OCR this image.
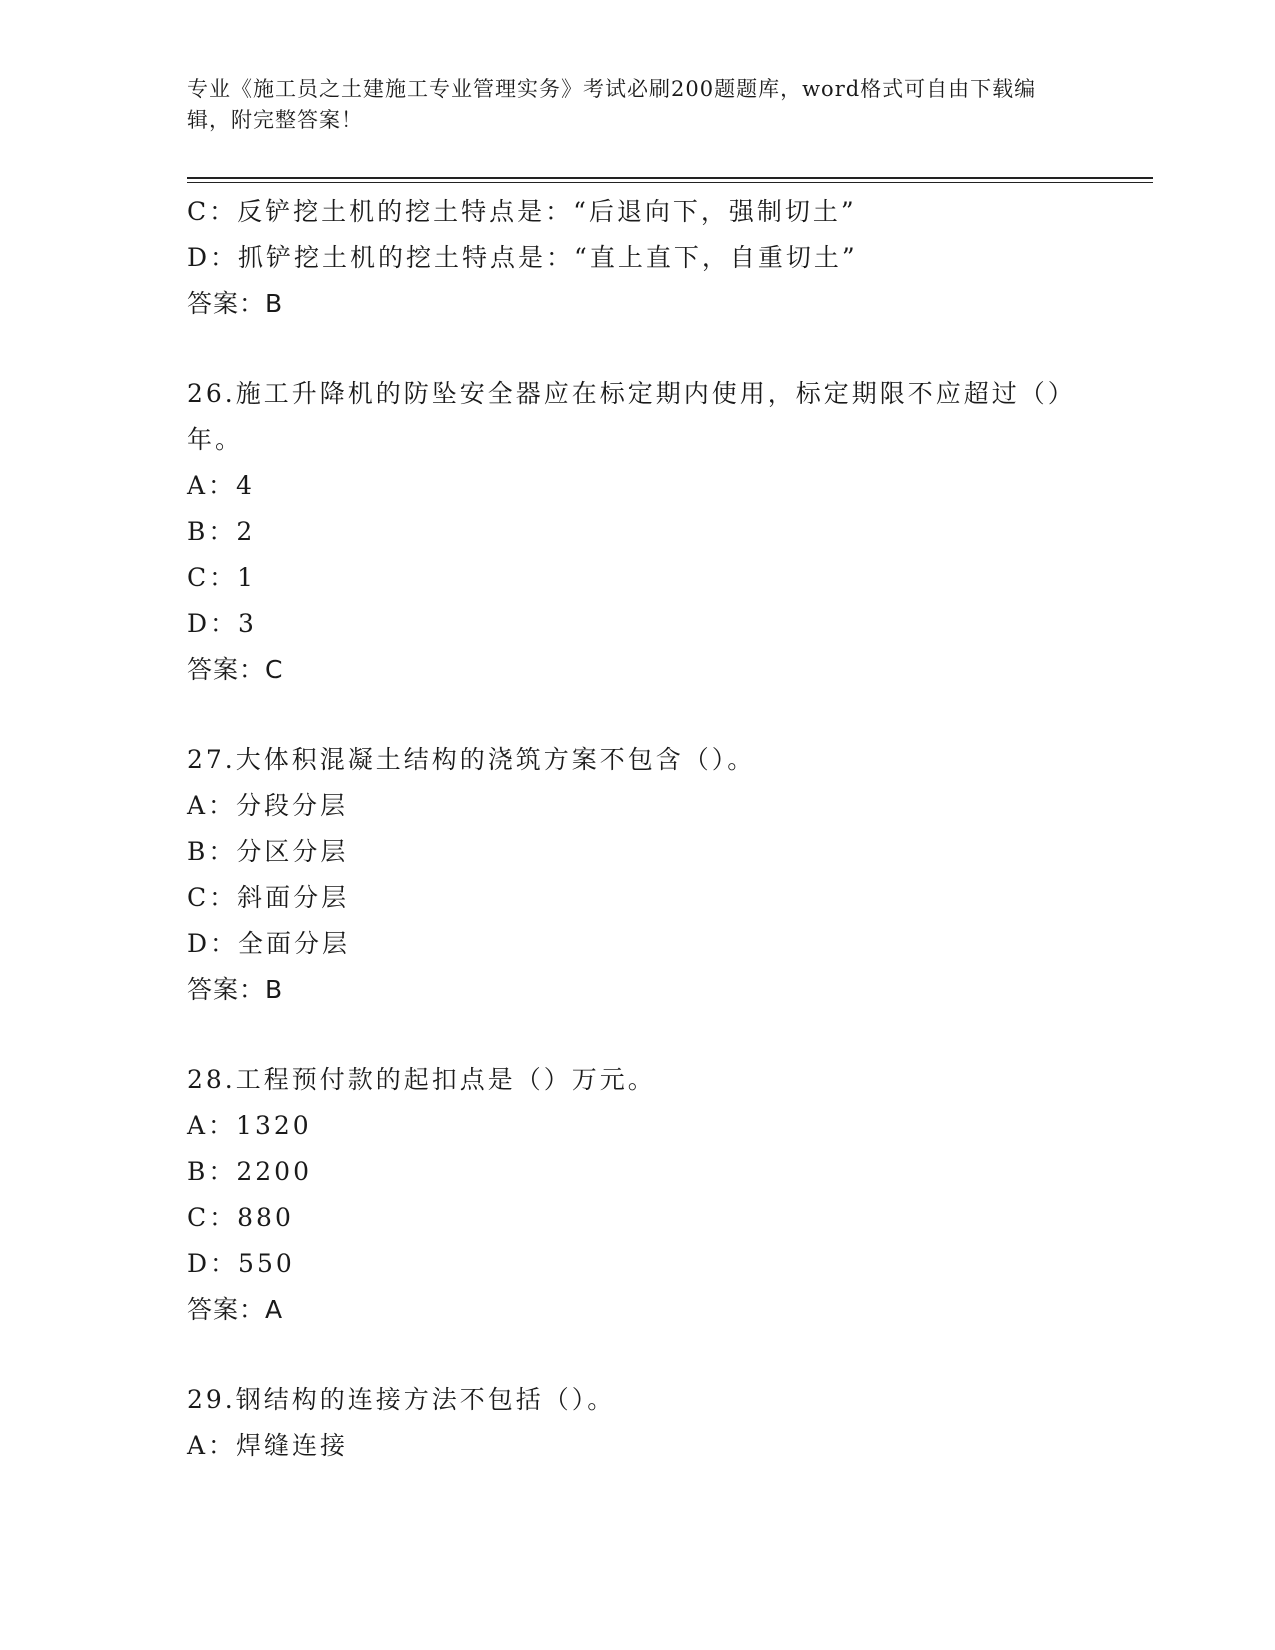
专业《施工员之土建施工专业管理实务》考试必刷200题题库，word格式可自由下载编辑，附完整答案！
C：反铲挖土机的挖土特点是：“后退向下，强制切土”
D：抓铲挖土机的挖土特点是：“直上直下，自重切土”
答案：B
26.施工升降机的防坠安全器应在标定期内使用，标定期限不应超过（）年。
A：4
B：2
C：1
D：3
答案：C
27.大体积混凝土结构的浇筑方案不包含（）。
A：分段分层
B：分区分层
C：斜面分层
D：全面分层
答案：B
28.工程预付款的起扣点是（）万元。
A：1320
B：2200
C：880
D：550
答案：A
29.钢结构的连接方法不包括（）。
A：焊缝连接
